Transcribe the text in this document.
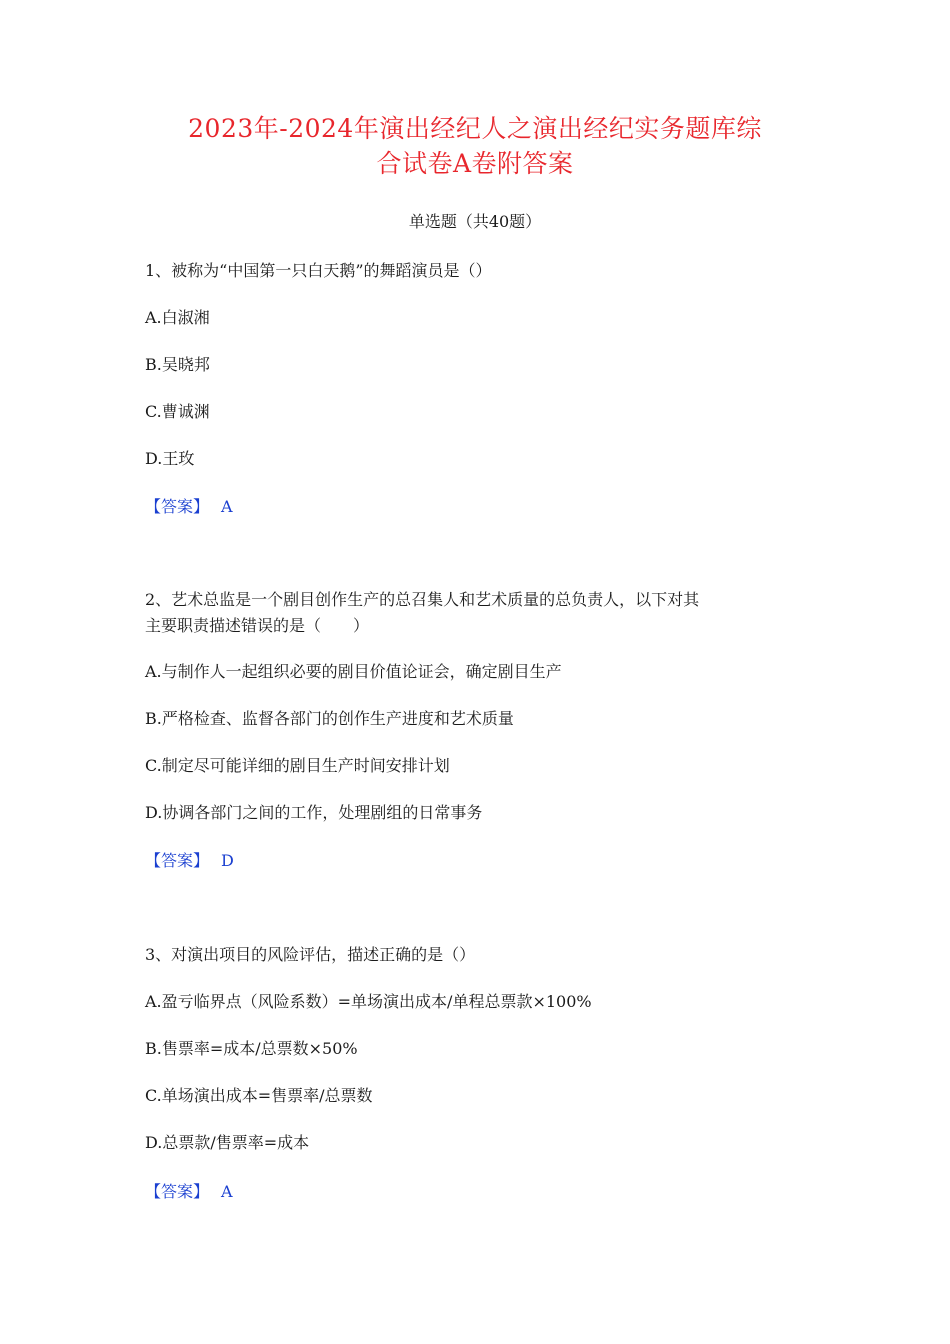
2023年-2024年演出经纪人之演出经纪实务题库综
合试卷A卷附答案
单选题（共40题）
1、被称为“中国第一只白天鹅”的舞蹈演员是（）
A.白淑湘
B.吴晓邦
C.曹诚渊
D.王玫
【答案】 A
2、艺术总监是一个剧目创作生产的总召集人和艺术质量的总负责人，以下对其
主要职责描述错误的是（　　）
A.与制作人一起组织必要的剧目价值论证会，确定剧目生产
B.严格检查、监督各部门的创作生产进度和艺术质量
C.制定尽可能详细的剧目生产时间安排计划
D.协调各部门之间的工作，处理剧组的日常事务
【答案】 D
3、对演出项目的风险评估，描述正确的是（）
A.盈亏临界点（风险系数）=单场演出成本/单程总票款×100%
B.售票率=成本/总票数×50%
C.单场演出成本=售票率/总票数
D.总票款/售票率=成本
【答案】 A
